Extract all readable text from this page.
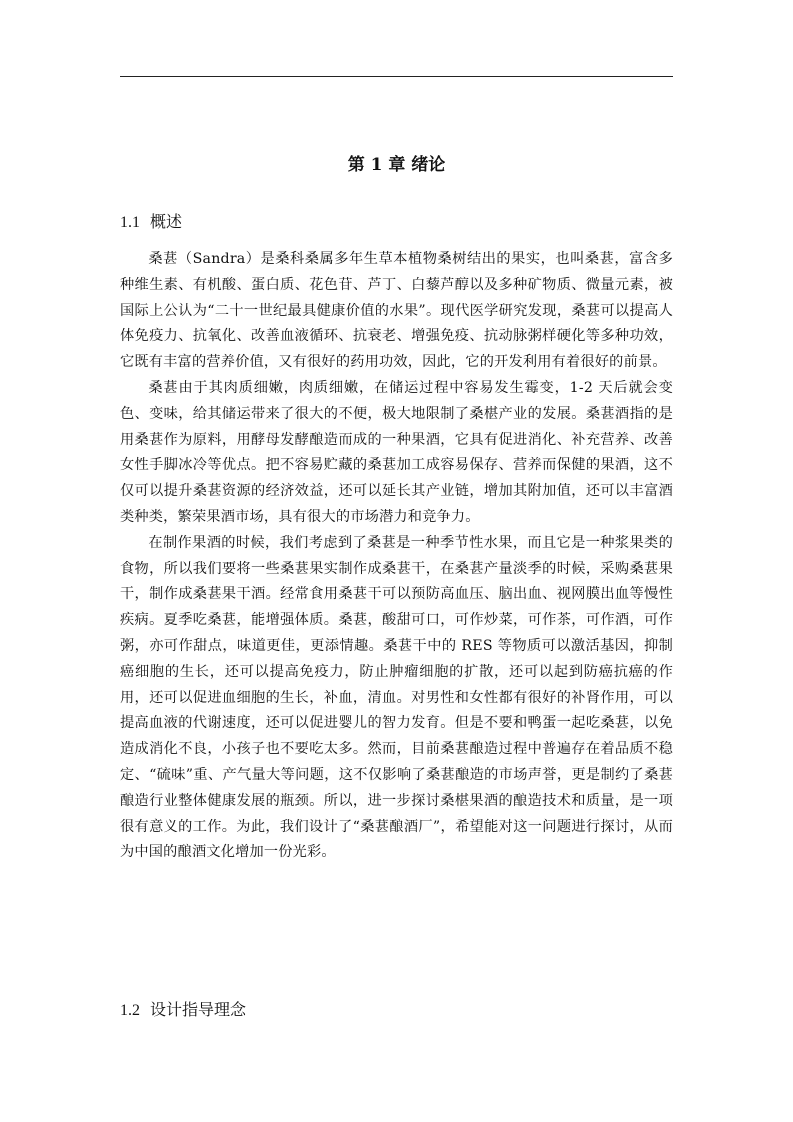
第 1 章 绪论
1.1 概述

桑葚（Sandra）是桑科桑属多年生草本植物桑树结出的果实，也叫桑葚，富含多种维生素、有机酸、蛋白质、花色苷、芦丁、白藜芦醇以及多种矿物质、微量元素，被国际上公认为“二十一世纪最具健康价值的水果”。现代医学研究发现，桑葚可以提高人体免疫力、抗氧化、改善血液循环、抗衰老、增强免疫、抗动脉粥样硬化等多种功效，它既有丰富的营养价值，又有很好的药用功效，因此，它的开发利用有着很好的前景。

桑葚由于其肉质细嫩，肉质细嫩，在储运过程中容易发生霉变，1-2 天后就会变色、变味，给其储运带来了很大的不便，极大地限制了桑椹产业的发展。桑葚酒指的是用桑葚作为原料，用酵母发酵酿造而成的一种果酒，它具有促进消化、补充营养、改善女性手脚冰冷等优点。把不容易贮藏的桑葚加工成容易保存、营养而保健的果酒，这不仅可以提升桑葚资源的经济效益，还可以延长其产业链，增加其附加值，还可以丰富酒类种类，繁荣果酒市场，具有很大的市场潜力和竞争力。

在制作果酒的时候，我们考虑到了桑葚是一种季节性水果，而且它是一种浆果类的食物，所以我们要将一些桑葚果实制作成桑葚干，在桑葚产量淡季的时候，采购桑葚果干，制作成桑葚果干酒。经常食用桑葚干可以预防高血压、脑出血、视网膜出血等慢性疾病。夏季吃桑葚，能增强体质。桑葚，酸甜可口，可作炒菜，可作茶，可作酒，可作粥，亦可作甜点，味道更佳，更添情趣。桑葚干中的 RES 等物质可以激活基因，抑制癌细胞的生长，还可以提高免疫力，防止肿瘤细胞的扩散，还可以起到防癌抗癌的作用，还可以促进血细胞的生长，补血，清血。对男性和女性都有很好的补肾作用，可以提高血液的代谢速度，还可以促进婴儿的智力发育。但是不要和鸭蛋一起吃桑葚，以免造成消化不良，小孩子也不要吃太多。然而，目前桑葚酿造过程中普遍存在着品质不稳定、“硫味”重、产气量大等问题，这不仅影响了桑葚酿造的市场声誉，更是制约了桑葚酿造行业整体健康发展的瓶颈。所以，进一步探讨桑椹果酒的酿造技术和质量，是一项很有意义的工作。为此，我们设计了“桑葚酿酒厂”，希望能对这一问题进行探讨，从而为中国的酿酒文化增加一份光彩。

1.2 设计指导理念
